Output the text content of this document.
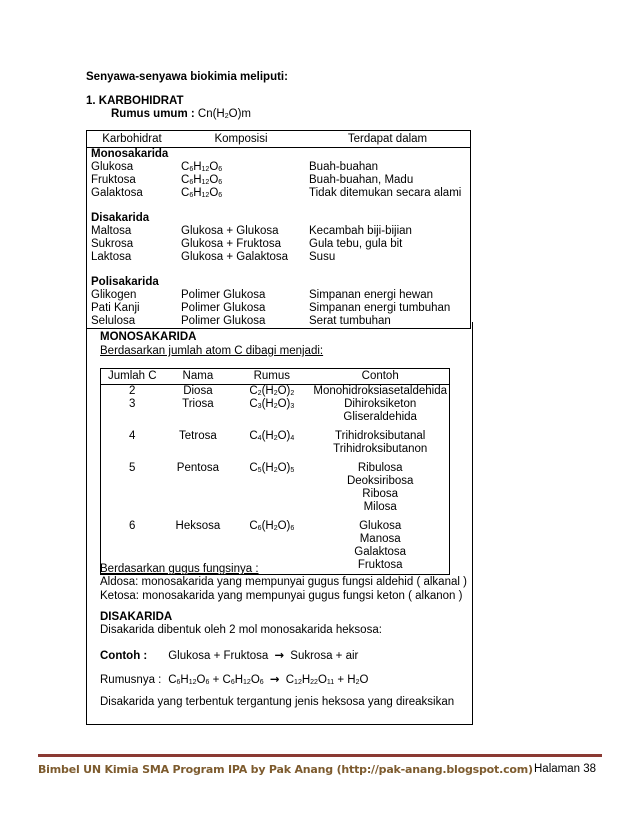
Senyawa-senyawa biokimia meliputi:
1. KARBOHIDRAT
Rumus umum : $Cn(H_2O)m$
Karbohidrat	Komposisi	Terdapat dalam
Monosakarida		
Glukosa	$C_6H_{12}O_6$	Buah-buahan
Fruktosa	$C_6H_{12}O_6$	Buah-buahan, Madu
Galaktosa	$C_6H_{12}O_6$	Tidak ditemukan secara alami

Disakarida		
Maltosa	Glukosa + Glukosa	Kecambah biji-bijian
Sukrosa	Glukosa + Fruktosa	Gula tebu, gula bit
Laktosa	Glukosa + Galaktosa	Susu

Polisakarida		
Glikogen	Polimer Glukosa	Simpanan energi hewan
Pati Kanji	Polimer Glukosa	Simpanan energi tumbuhan
Selulosa	Polimer Glukosa	Serat tumbuhan
MONOSAKARIDA
Berdasarkan jumlah atom C dibagi menjadi:
Jumlah C	Nama	Rumus	Contoh
2	Diosa	$C_2(H_2O)_2$	Monohidroksiasetaldehida
3	Triosa	$C_3(H_2O)_3$	Dihiroksiketon
Gliseraldehida

4	Tetrosa	$C_4(H_2O)_4$	Trihidroksibutanal
Trihidroksibutanon

5	Pentosa	$C_5(H_2O)_5$	Ribulosa
Deoksiribosa
Ribosa
Milosa

6	Heksosa	$C_6(H_2O)_6$	Glukosa
Manosa
Galaktosa
Fruktosa
Berdasarkan gugus fungsinya :
Aldosa: monosakarida yang mempunyai gugus fungsi aldehid ( alkanal )
Ketosa: monosakarida yang mempunyai gugus fungsi keton ( alkanon )
DISAKARIDA
Disakarida dibentuk oleh 2 mol monosakarida heksosa:
Contoh : Glukosa + Fruktosa → Sukrosa + air
Rumusnya : $C_6H_{12}O_6 + C_6H_{12}O_6 \to C_{12}H_{22}O_{11} + H_2O$
Disakarida yang terbentuk tergantung jenis heksosa yang direaksikan
Bimbel UN Kimia SMA Program IPA by Pak Anang (http://pak-anang.blogspot.com) Halaman 38
